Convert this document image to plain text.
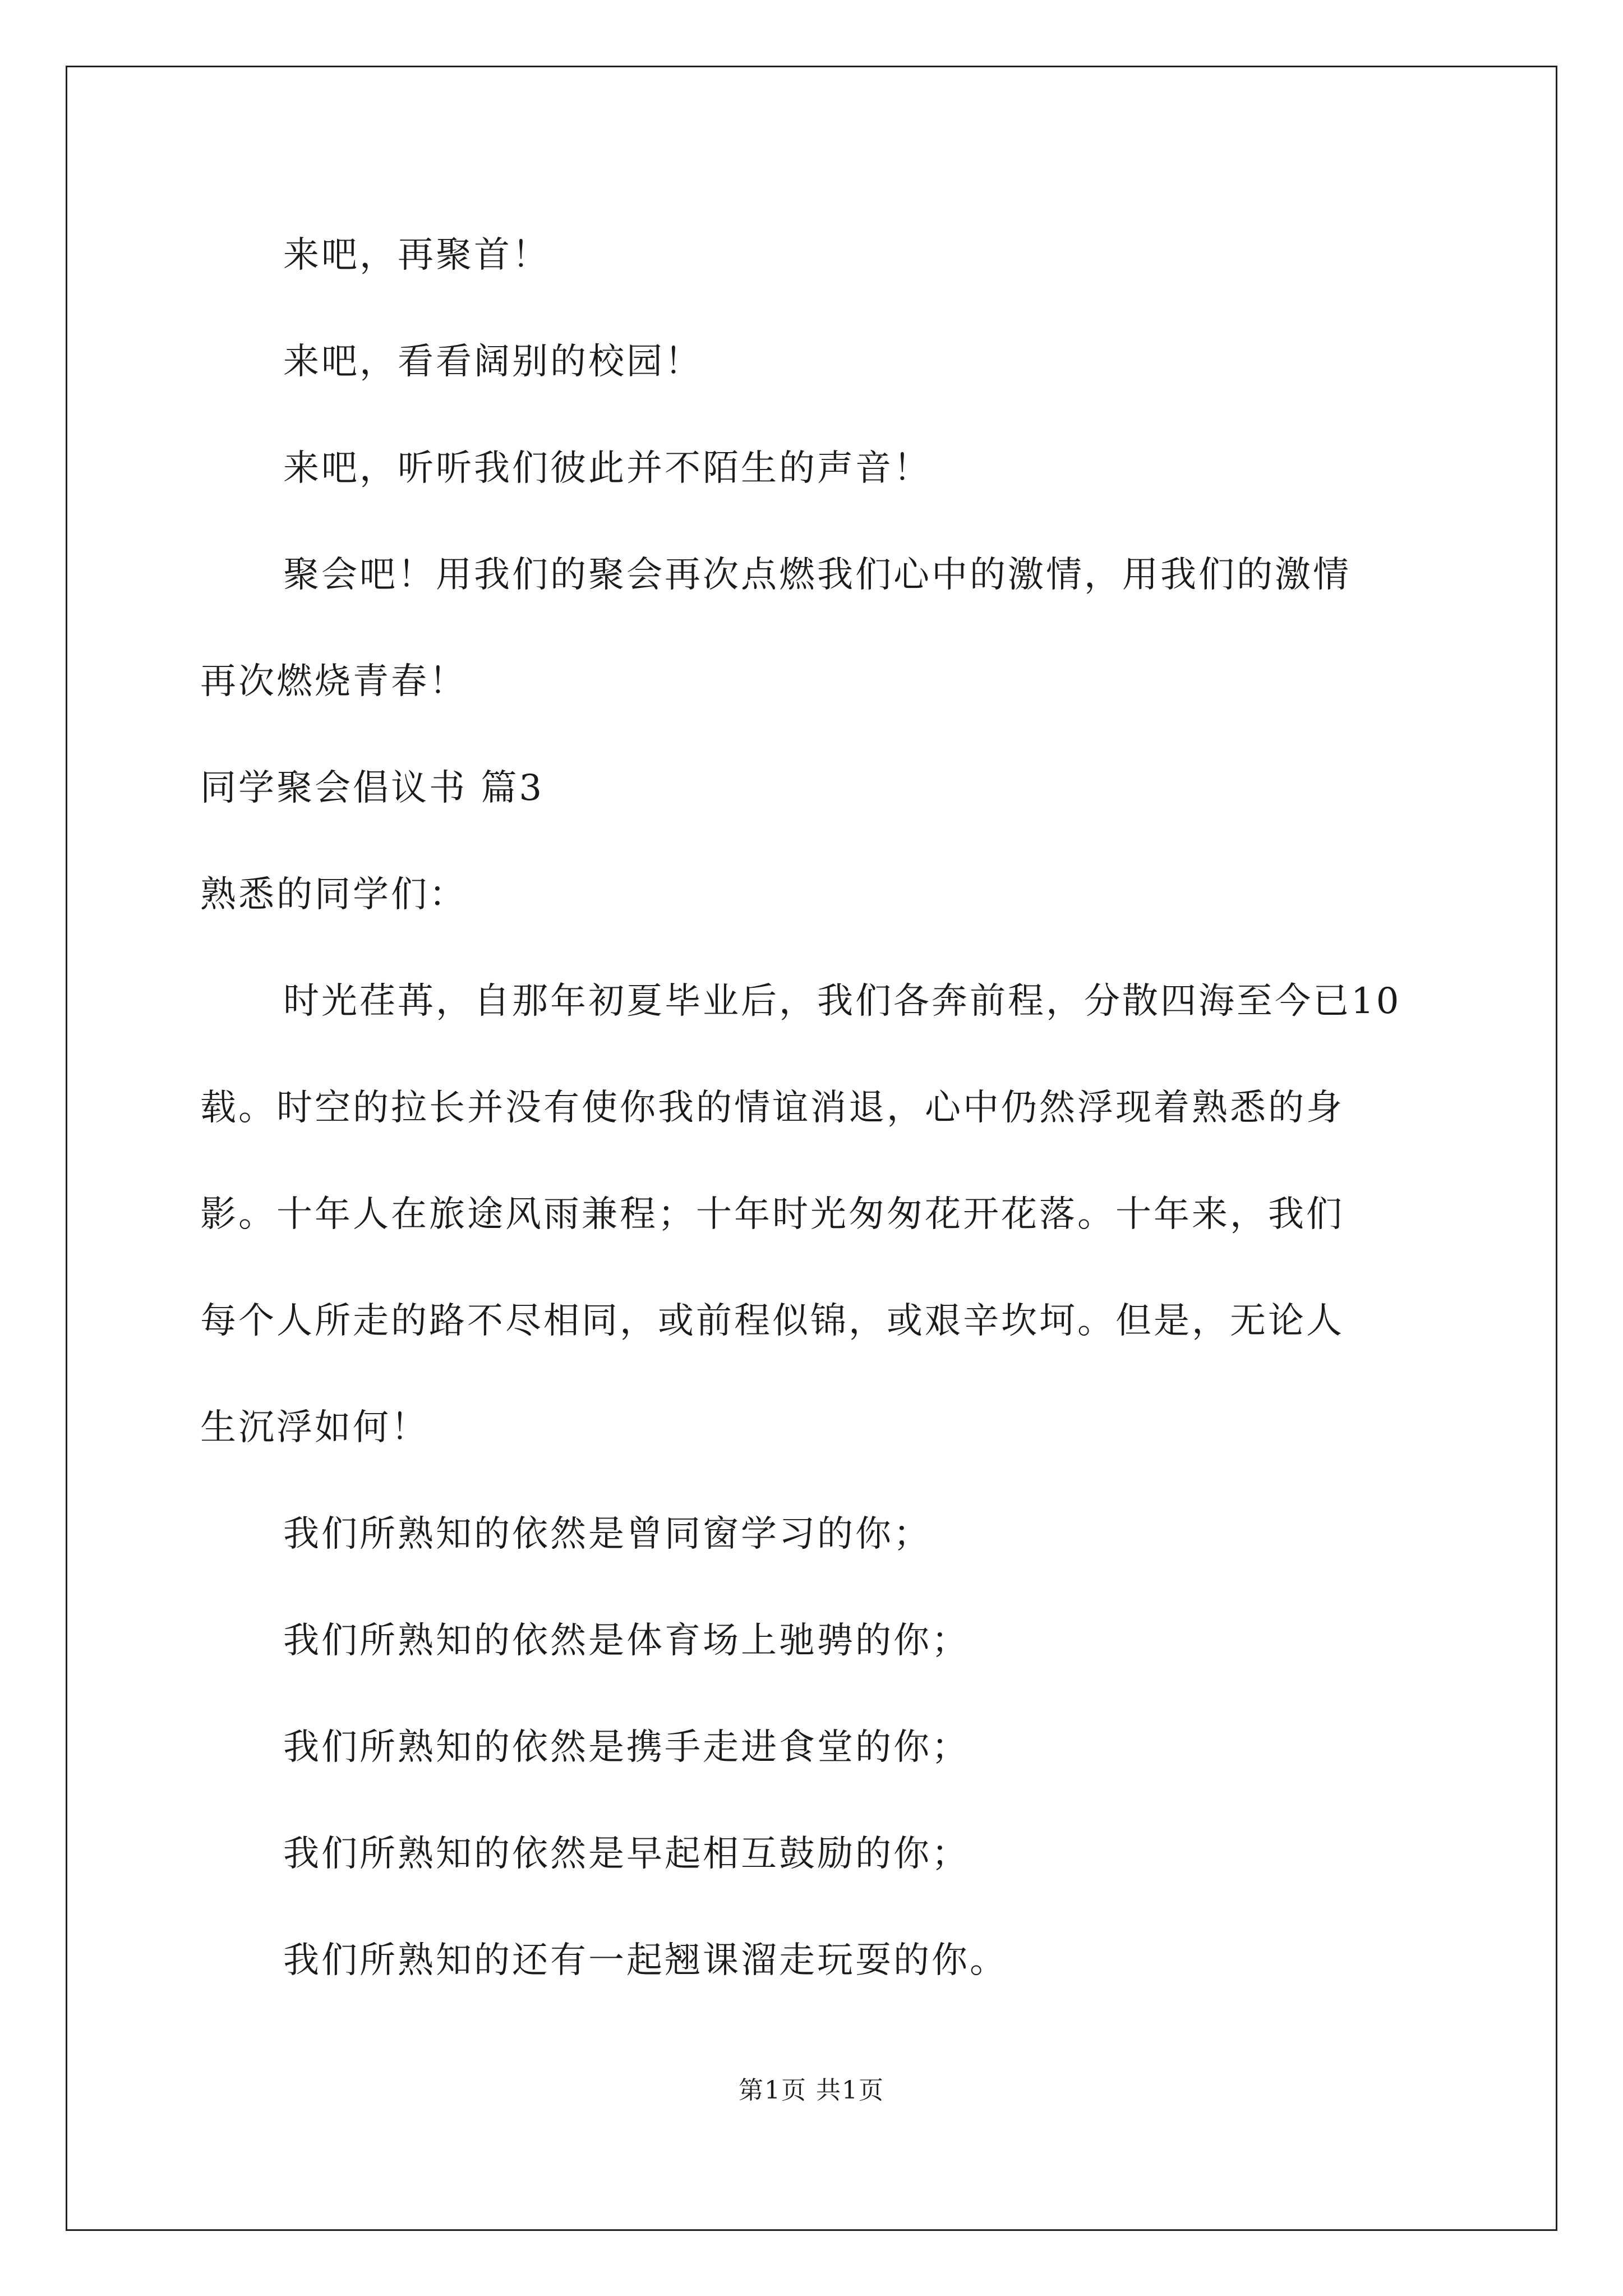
来吧，再聚首！

来吧，看看阔别的校园！

来吧，听听我们彼此并不陌生的声音！

聚会吧！用我们的聚会再次点燃我们心中的激情，用我们的激情
再次燃烧青春！

同学聚会倡议书 篇3

熟悉的同学们：

时光荏苒，自那年初夏毕业后，我们各奔前程，分散四海至今已10
载。时空的拉长并没有使你我的情谊消退，心中仍然浮现着熟悉的身
影。十年人在旅途风雨兼程；十年时光匆匆花开花落。十年来，我们
每个人所走的路不尽相同，或前程似锦，或艰辛坎坷。但是，无论人
生沉浮如何！

我们所熟知的依然是曾同窗学习的你；

我们所熟知的依然是体育场上驰骋的你；

我们所熟知的依然是携手走进食堂的你；

我们所熟知的依然是早起相互鼓励的你；

我们所熟知的还有一起翘课溜走玩耍的你。

第1页 共1页
